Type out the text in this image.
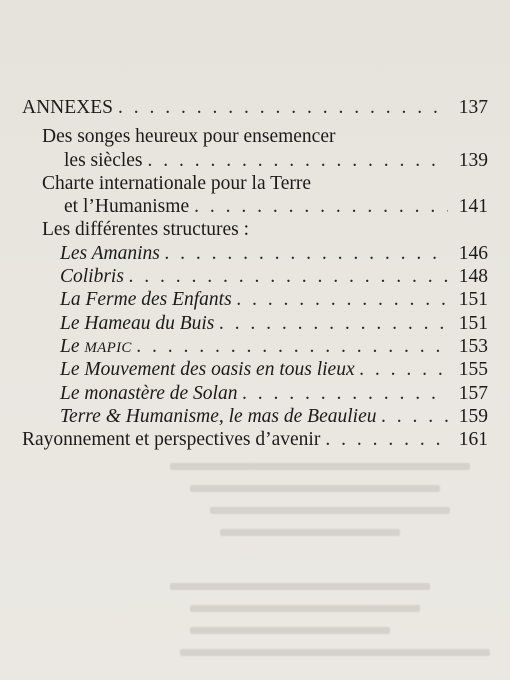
ANNEXES . . .	137
Des songes heureux pour ensemencer
les siècles . . .	139
Charte internationale pour la Terre
et l’Humanisme . . .	141
Les différentes structures :
Les Amanins . . .	146
Colibris . . .	148
La Ferme des Enfants . . .	151
Le Hameau du Buis . . .	151
Le MAPIC . . .	153
Le Mouvement des oasis en tous lieux . . .	155
Le monastère de Solan . . .	157
Terre & Humanisme, le mas de Beaulieu . . .	159
Rayonnement et perspectives d’avenir . . .	161
